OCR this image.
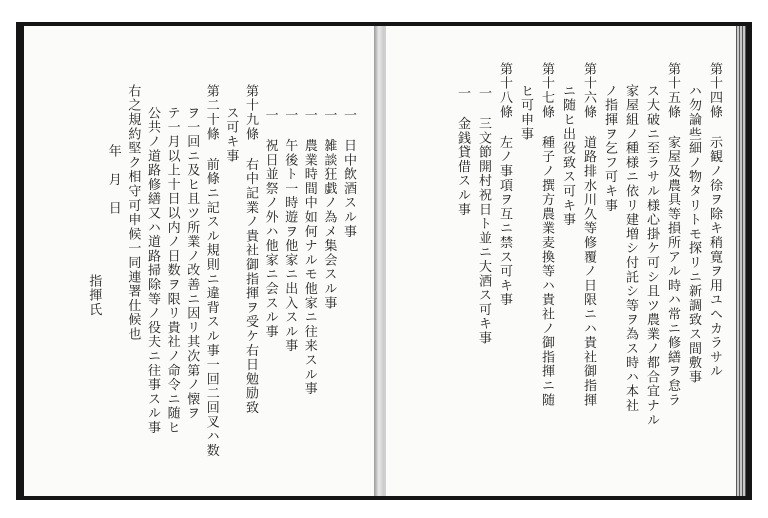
一 日中飲酒スル事
一 雑談狂戯ノ為メ集会スル事
一 農業時間中如何ナルモ他家ニ往来スル事
一 午後ト一時遊ヲ他家ニ出入スル事
一 祝日並祭ノ外ハ他家ニ会スル事
第十九條 右中記業ノ貴社御指揮ヲ受ケ右日勉励致
ス可キ事
第二十條 前條ニ記スル規則ニ違背スル事一回二回叉ハ数
ヲ一回ニ及ヒ且ツ所業ノ改善ニ因リ其次第ノ懐ヲ
テ一月以上十日以内ノ日数ヲ限リ貴社ノ命令ニ随ヒ
公共ノ道路修繕又ハ道路掃除等ノ役夫ニ往事スル事
右之規約堅ク相守可申候一同連署仕候也
年　月　日
指揮氏	第十四條 示観ノ徐ヲ除キ稍寛ヲ用ユヘカラサル
ハ勿論些細ノ物タリトモ探リニ新調致ス間敷事
第十五條 家屋及農具等損所アル時ハ常ニ修繕ヲ怠ラ
ス大破ニ至ラサル様心掛ケ可シ且ツ農業ノ都合宜ナル
家屋組ノ種様ニ依リ建増シ付託シ等ヲ為ス時ハ本社
ノ指揮ヲ乞フ可キ事
第十六條 道路排水川久等修覆ノ日限ニハ貴社御指揮
ニ随ヒ出役致ス可キ事
第十七條 種子ノ撰方農業麦換等ハ貴社ノ御指揮ニ随
ヒ可申事
第十八條 左ノ事項ヲ互ニ禁ス可キ事
一 三文節開村祝日ト並ニ大酒ス可キ事
一 金銭貸借スル事
